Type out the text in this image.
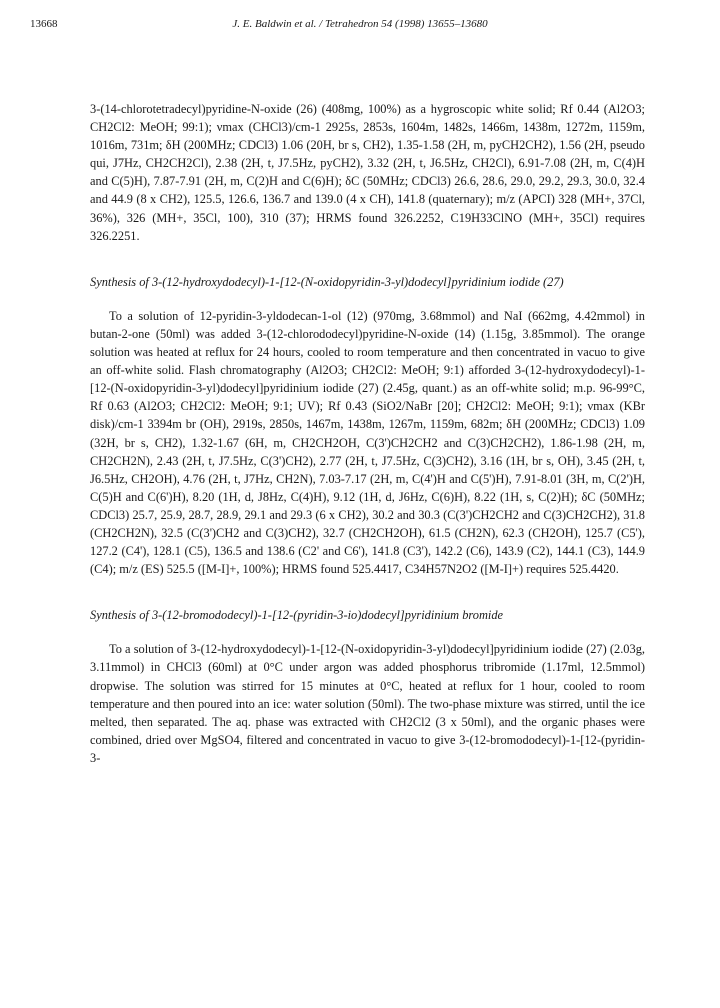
13668	J. E. Baldwin et al. / Tetrahedron 54 (1998) 13655–13680

3-(14-chlorotetradecyl)pyridine-N-oxide (26) (408mg, 100%) as a hygroscopic white solid; Rf 0.44 (Al2O3; CH2Cl2: MeOH; 99:1); νmax (CHCl3)/cm-1 2925s, 2853s, 1604m, 1482s, 1466m, 1438m, 1272m, 1159m, 1016m, 731m; δH (200MHz; CDCl3) 1.06 (20H, br s, CH2), 1.35-1.58 (2H, m, pyCH2CH2), 1.56 (2H, pseudo qui, J7Hz, CH2CH2Cl), 2.38 (2H, t, J7.5Hz, pyCH2), 3.32 (2H, t, J6.5Hz, CH2Cl), 6.91-7.08 (2H, m, C(4)H and C(5)H), 7.87-7.91 (2H, m, C(2)H and C(6)H); δC (50MHz; CDCl3) 26.6, 28.6, 29.0, 29.2, 29.3, 30.0, 32.4 and 44.9 (8 x CH2), 125.5, 126.6, 136.7 and 139.0 (4 x CH), 141.8 (quaternary); m/z (APCI) 328 (MH+, 37Cl, 36%), 326 (MH+, 35Cl, 100), 310 (37); HRMS found 326.2252, C19H33ClNO (MH+, 35Cl) requires 326.2251.

Synthesis of 3-(12-hydroxydodecyl)-1-[12-(N-oxidopyridin-3-yl)dodecyl]pyridinium iodide (27)

To a solution of 12-pyridin-3-yldodecan-1-ol (12) (970mg, 3.68mmol) and NaI (662mg, 4.42mmol) in butan-2-one (50ml) was added 3-(12-chlorododecyl)pyridine-N-oxide (14) (1.15g, 3.85mmol). The orange solution was heated at reflux for 24 hours, cooled to room temperature and then concentrated in vacuo to give an off-white solid. Flash chromatography (Al2O3; CH2Cl2: MeOH; 9:1) afforded 3-(12-hydroxydodecyl)-1-[12-(N-oxidopyridin-3-yl)dodecyl]pyridinium iodide (27) (2.45g, quant.) as an off-white solid; m.p. 96-99°C, Rf 0.63 (Al2O3; CH2Cl2: MeOH; 9:1; UV); Rf 0.43 (SiO2/NaBr [20]; CH2Cl2: MeOH; 9:1); νmax (KBr disk)/cm-1 3394m br (OH), 2919s, 2850s, 1467m, 1438m, 1267m, 1159m, 682m; δH (200MHz; CDCl3) 1.09 (32H, br s, CH2), 1.32-1.67 (6H, m, CH2CH2OH, C(3')CH2CH2 and C(3)CH2CH2), 1.86-1.98 (2H, m, CH2CH2N), 2.43 (2H, t, J7.5Hz, C(3')CH2), 2.77 (2H, t, J7.5Hz, C(3)CH2), 3.16 (1H, br s, OH), 3.45 (2H, t, J6.5Hz, CH2OH), 4.76 (2H, t, J7Hz, CH2N), 7.03-7.17 (2H, m, C(4')H and C(5')H), 7.91-8.01 (3H, m, C(2')H, C(5)H and C(6')H), 8.20 (1H, d, J8Hz, C(4)H), 9.12 (1H, d, J6Hz, C(6)H), 8.22 (1H, s, C(2)H); δC (50MHz; CDCl3) 25.7, 25.9, 28.7, 28.9, 29.1 and 29.3 (6 x CH2), 30.2 and 30.3 (C(3')CH2CH2 and C(3)CH2CH2), 31.8 (CH2CH2N), 32.5 (C(3')CH2 and C(3)CH2), 32.7 (CH2CH2OH), 61.5 (CH2N), 62.3 (CH2OH), 125.7 (C5'), 127.2 (C4'), 128.1 (C5), 136.5 and 138.6 (C2' and C6'), 141.8 (C3'), 142.2 (C6), 143.9 (C2), 144.1 (C3), 144.9 (C4); m/z (ES) 525.5 ([M-I]+, 100%); HRMS found 525.4417, C34H57N2O2 ([M-I]+) requires 525.4420.

Synthesis of 3-(12-bromododecyl)-1-[12-(pyridin-3-io)dodecyl]pyridinium bromide

To a solution of 3-(12-hydroxydodecyl)-1-[12-(N-oxidopyridin-3-yl)dodecyl]pyridinium iodide (27) (2.03g, 3.11mmol) in CHCl3 (60ml) at 0°C under argon was added phosphorus tribromide (1.17ml, 12.5mmol) dropwise. The solution was stirred for 15 minutes at 0°C, heated at reflux for 1 hour, cooled to room temperature and then poured into an ice: water solution (50ml). The two-phase mixture was stirred, until the ice melted, then separated. The aq. phase was extracted with CH2Cl2 (3 x 50ml), and the organic phases were combined, dried over MgSO4, filtered and concentrated in vacuo to give 3-(12-bromododecyl)-1-[12-(pyridin-3-
